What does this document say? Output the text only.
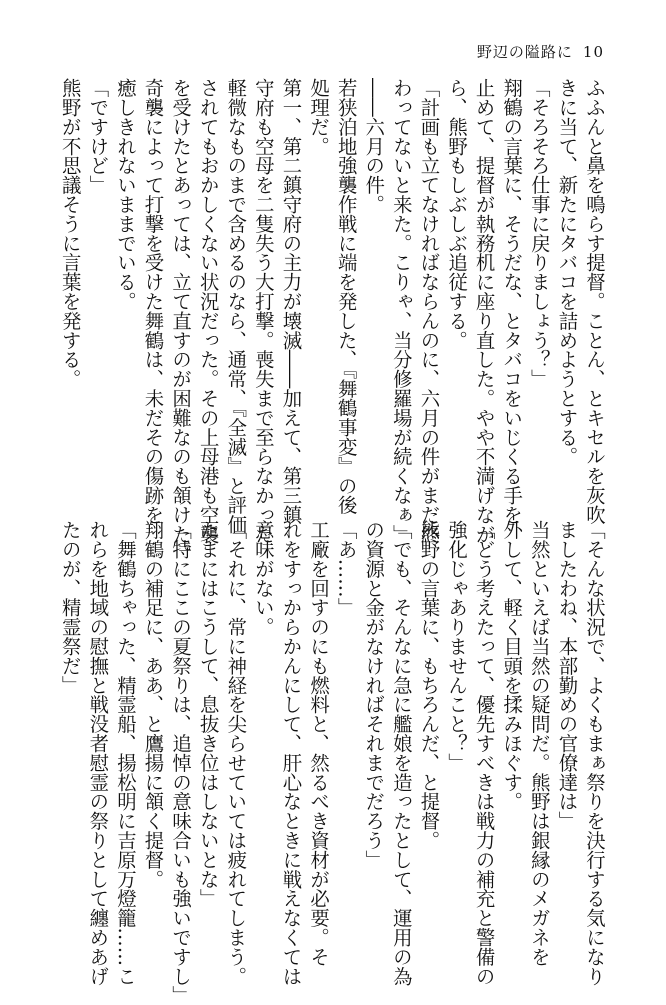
野辺の隘路に 10
ふふんと鼻を鳴らす提督。ことん、とキセルを灰吹
きに当て、新たにタバコを詰めようとする。
「そろそろ仕事に戻りましょう？」
翔鶴の言葉に、そうだな、とタバコをいじくる手を
止めて、提督が執務机に座り直した。やや不満げなが
ら、熊野もしぶしぶ追従する。
「計画も立てなければならんのに、六月の件がまだ終
わってないと来た。こりゃ、当分修羅場が続くなぁ」
――六月の件。
若狭泊地強襲作戦に端を発した、『舞鶴事変』の後
処理だ。
第一、第二鎮守府の主力が壊滅――加えて、第三鎮
守府も空母を二隻失う大打撃。喪失まで至らなかった
軽微なものまで含めるのなら、通常、『全滅』と評価
されてもおかしくない状況だった。その上母港も空襲
を受けたとあっては、立て直すのが困難なのも頷けた。
奇襲によって打撃を受けた舞鶴は、未だその傷跡を
癒しきれないままでいる。
「ですけど」
熊野が不思議そうに言葉を発する。
「そんな状況で、よくもまぁ祭りを決行する気になり
ましたわね、本部勤めの官僚達は」
当然といえば当然の疑問だ。熊野は銀縁のメガネを
外して、軽く目頭を揉みほぐす。
「どう考えたって、優先すべきは戦力の補充と警備の
強化じゃありませんこと？」
熊野の言葉に、もちろんだ、と提督。
「でも、そんなに急に艦娘を造ったとして、運用の為
の資源と金がなければそれまでだろう」
「あ……」
工廠を回すのにも燃料と、然るべき資材が必要。そ
れをすっからかんにして、肝心なときに戦えなくては
意味がない。
「それに、常に神経を尖らせていては疲れてしまう。
たまにはこうして、息抜き位はしないとな」
「特にここの夏祭りは、追悼の意味合いも強いですし」
翔鶴の補足に、ああ、と鷹揚に頷く提督。
「舞鶴ちゃった、精霊船、揚松明に吉原万燈籠……こ
れらを地域の慰撫と戦没者慰霊の祭りとして纏めあげ
たのが、精霊祭だ」
